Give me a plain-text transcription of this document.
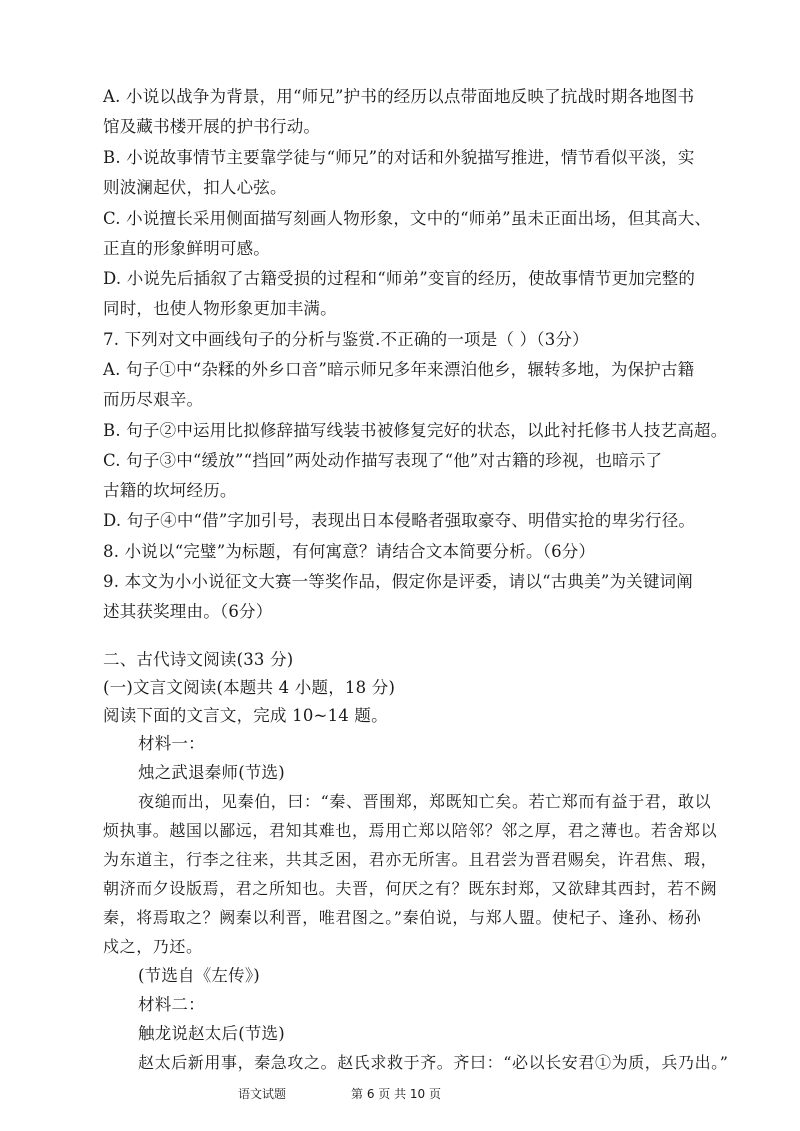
A. 小说以战争为背景，用“师兄”护书的经历以点带面地反映了抗战时期各地图书
馆及藏书楼开展的护书行动。
B. 小说故事情节主要靠学徒与“师兄”的对话和外貌描写推进，情节看似平淡，实
则波澜起伏，扣人心弦。
C. 小说擅长采用侧面描写刻画人物形象，文中的“师弟”虽未正面出场，但其高大、
正直的形象鲜明可感。
D. 小说先后插叙了古籍受损的过程和“师弟”变盲的经历，使故事情节更加完整的
同时，也使人物形象更加丰满。
7. 下列对文中画线句子的分析与鉴赏.不正确的一项是（ ）（3分）
A. 句子①中“杂糅的外乡口音”暗示师兄多年来漂泊他乡，辗转多地，为保护古籍
而历尽艰辛。
B. 句子②中运用比拟修辞描写线装书被修复完好的状态，以此衬托修书人技艺高超。
C. 句子③中“缓放”“挡回”两处动作描写表现了“他”对古籍的珍视，也暗示了
古籍的坎坷经历。
D. 句子④中“借”字加引号，表现出日本侵略者强取豪夺、明借实抢的卑劣行径。
8. 小说以“完璧”为标题，有何寓意？请结合文本简要分析。（6分）
9. 本文为小小说征文大赛一等奖作品，假定你是评委，请以“古典美”为关键词阐
述其获奖理由。（6分）
二、古代诗文阅读(33 分)
(一)文言文阅读(本题共 4 小题，18 分)
阅读下面的文言文，完成 10~14 题。
材料一：
烛之武退秦师(节选)
夜缒而出，见秦伯，曰：“秦、晋围郑，郑既知亡矣。若亡郑而有益于君，敢以
烦执事。越国以鄙远，君知其难也，焉用亡郑以陪邻？邻之厚，君之薄也。若舍郑以
为东道主，行李之往来，共其乏困，君亦无所害。且君尝为晋君赐矣，许君焦、瑕，
朝济而夕设版焉，君之所知也。夫晋，何厌之有？既东封郑，又欲肆其西封，若不阙
秦，将焉取之？阙秦以利晋，唯君图之。”秦伯说，与郑人盟。使杞子、逢孙、杨孙
戍之，乃还。
(节选自《左传》)
材料二：
触龙说赵太后(节选)
赵太后新用事，秦急攻之。赵氏求救于齐。齐曰：“必以长安君①为质，兵乃出。”
语文试题	第 6 页 共 10 页
